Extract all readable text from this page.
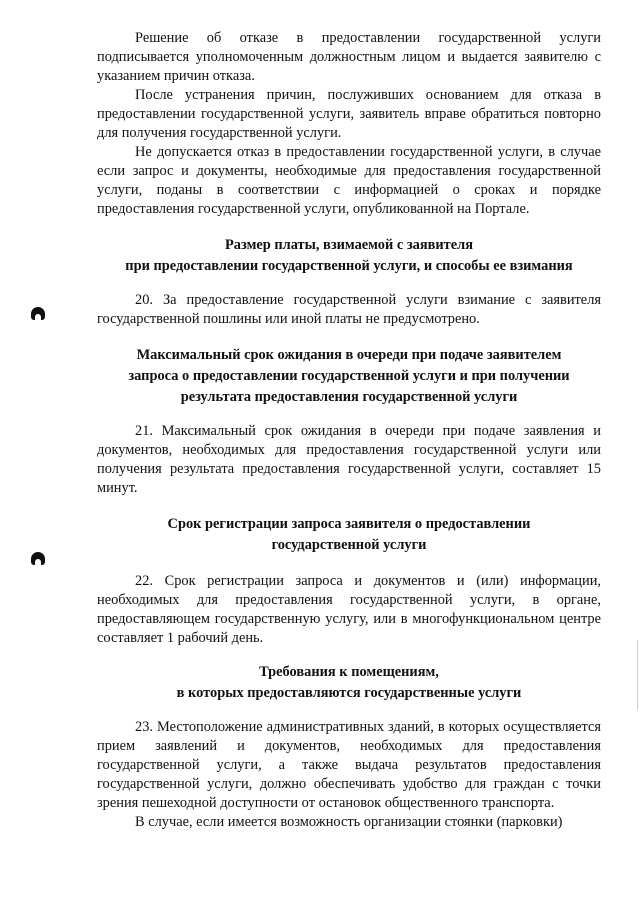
Решение об отказе в предоставлении государственной услуги подписывается уполномоченным должностным лицом и выдается заявителю с указанием причин отказа.

После устранения причин, послуживших основанием для отказа в предоставлении государственной услуги, заявитель вправе обратиться повторно для получения государственной услуги.

Не допускается отказ в предоставлении государственной услуги, в случае если запрос и документы, необходимые для предоставления государственной услуги, поданы в соответствии с информацией о сроках и порядке предоставления государственной услуги, опубликованной на Портале.

Размер платы, взимаемой с заявителя

при предоставлении государственной услуги, и способы ее взимания

20. За предоставление государственной услуги взимание с заявителя государственной пошлины или иной платы не предусмотрено.

Максимальный срок ожидания в очереди при подаче заявителем

запроса о предоставлении государственной услуги и при получении

результата предоставления государственной услуги

21. Максимальный срок ожидания в очереди при подаче заявления и документов, необходимых для предоставления государственной услуги или получения результата предоставления государственной услуги, составляет 15 минут.

Срок регистрации запроса заявителя о предоставлении

государственной услуги

22. Срок регистрации запроса и документов и (или) информации, необходимых для предоставления государственной услуги, в органе, предоставляющем государственную услугу, или в многофункциональном центре составляет 1 рабочий день.

Требования к помещениям,

в которых предоставляются государственные услуги

23. Местоположение административных зданий, в которых осуществляется прием заявлений и документов, необходимых для предоставления государственной услуги, а также выдача результатов предоставления государственной услуги, должно обеспечивать удобство для граждан с точки зрения пешеходной доступности от остановок общественного транспорта.

В случае, если имеется возможность организации стоянки (парковки)
